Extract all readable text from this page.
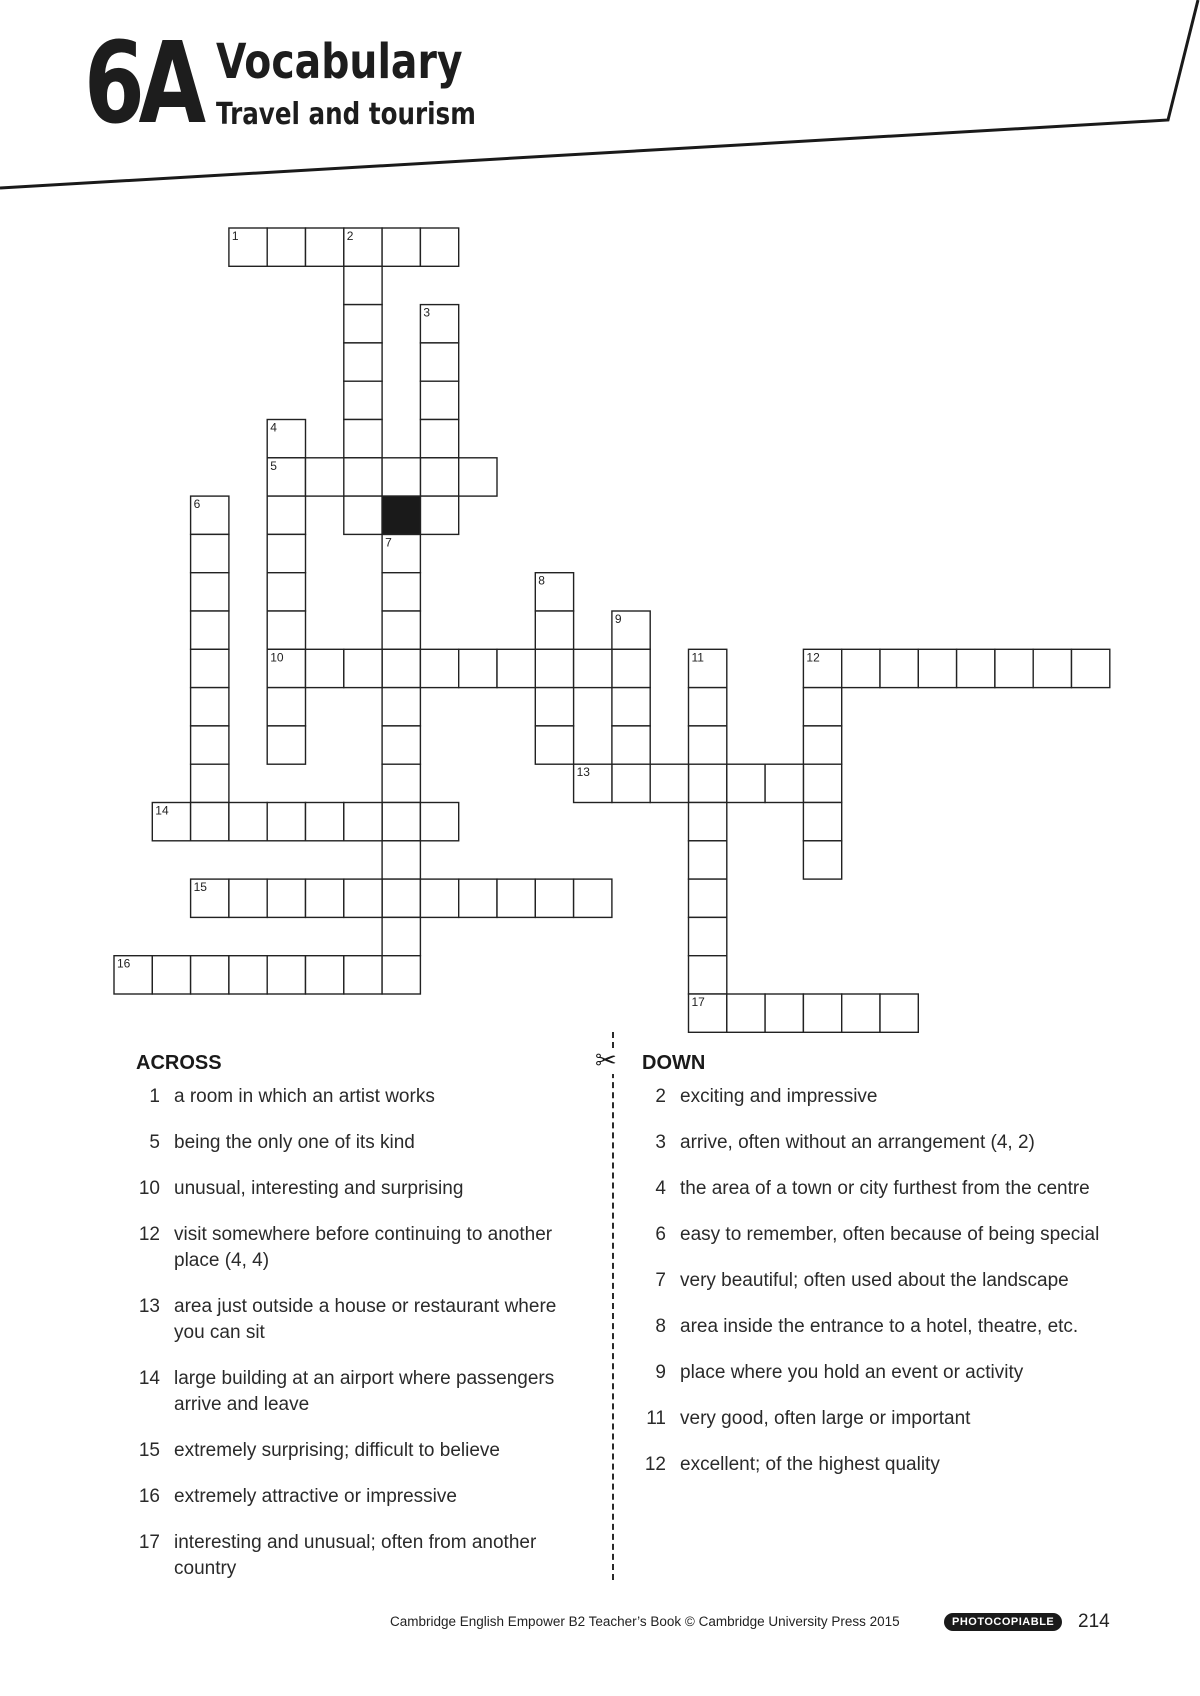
6A Vocabulary
Travel and tourism
1	2
3
4
5
6
7
8
9
10	11	12
13
14
15
16
17
ACROSS
1 a room in which an artist works
5 being the only one of its kind
10 unusual, interesting and surprising
12 visit somewhere before continuing to another place (4, 4)
13 area just outside a house or restaurant where you can sit
14 large building at an airport where passengers arrive and leave
15 extremely surprising; difficult to believe
16 extremely attractive or impressive
17 interesting and unusual; often from another country
✂ DOWN
2 exciting and impressive
3 arrive, often without an arrangement (4, 2)
4 the area of a town or city furthest from the centre
6 easy to remember, often because of being special
7 very beautiful; often used about the landscape
8 area inside the entrance to a hotel, theatre, etc.
9 place where you hold an event or activity
11 very good, often large or important
12 excellent; of the highest quality
Cambridge English Empower B2 Teacher’s Book © Cambridge University Press 2015	PHOTOCOPIABLE	214
